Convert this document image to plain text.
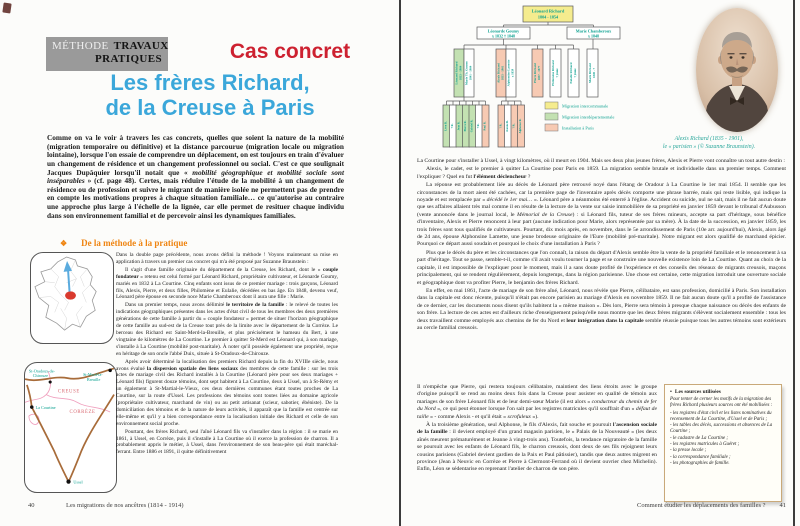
MÉTHODE TRAVAUX
PRATIQUES	Cas concret
Les frères Richard,
de la Creuse à Paris

Comme on va le voir à travers les cas concrets, quelles que soient la nature de la mobilité (migration temporaire ou définitive) et la distance parcourue (migration locale ou migration lointaine), lorsque l'on essaie de comprendre un déplacement, on est toujours en train d'évaluer un changement de résidence et un changement professionnel ou social. C'est ce que soulignait Jacques Dupâquier lorsqu'il notait que « mobilité géographique et mobilité sociale sont inséparables » (cf. page 48). Certes, mais réduire l'étude de la mobilité à un changement de résidence ou de profession et suivre le migrant de manière isolée ne permettent pas de prendre en compte les motivations propres à chaque situation familiale… ce qu'autorise au contraire une approche plus large à l'échelle de la lignée, car elle permet de resituer chaque individu dans son environnement familial et de percevoir ainsi les dynamiques familiales.

❖ De la méthode à la pratique
St-Oradoux-de-
Chirouze	St-Merd-la-
Breuille
CREUSE
La Courtine
CORRÈZE
Ussel

Dans la double page précédente, nous avons défini la méthode ! Voyons maintenant sa mise en application à travers un premier cas concret qui m'a été proposé par Suzanne Braunstein :

Il s'agit d'une famille originaire du département de la Creuse, les Richard, dont le « couple fondateur » retenu est celui formé par Léonard Richard, propriétaire cultivateur, et Léonarde Goumy, mariés en 1832 à La Courtine. Cinq enfants sont issus de ce premier mariage : trois garçons, Léonard fils, Alexis, Pierre, et deux filles, Philomène et Eulalie, décédées en bas âge. En 1848, devenu veuf, Léonard père épouse en seconde noce Marie Chamberoux dont il aura une fille : Marie.

Dans un premier temps, nous avons délimité le territoire de la famille : le relevé de toutes les indications géographiques présentes dans les actes d'état civil de tous les membres des deux premières générations de cette famille à partir du « couple fondateur » permet de situer l'horizon géographique de cette famille au sud-est de la Creuse tout près de la limite avec le département de la Corrèze. Le berceau des Richard est Saint-Merd-la-Breuille, et plus précisément le hameau du Bert, à une vingtaine de kilomètres de La Courtine. Le premier à quitter St-Merd est Léonard qui, à son mariage, s'installe à La Courtine (mobilité post-maritale). À noter qu'il possède également une propriété, reçue en héritage de son oncle l'abbé Duix, située à St-Oradoux-de-Chirouze.

Après avoir déterminé la localisation des premiers Richard depuis la fin du XVIIIe siècle, nous avons évalué la dispersion spatiale des liens sociaux des membres de cette famille : sur les trois actes de mariage civil des Richard installés à la Courtine (Léonard père pour ses deux mariages + Léonard fils) figurent douze témoins, dont sept habitent à La Courtine, deux à Ussel, un à St-Rémy et un également à St-Martial-le-Vieux, ces deux dernières communes étant toutes proches de La Courtine, sur la route d'Ussel. Les professions des témoins sont toutes liées au domaine agricole (propriétaire cultivateur, marchand de vin) ou au petit artisanat (scieur, sabotier, ébéniste). De la domiciliation des témoins et de la nature de leurs activités, il apparaît que la famille est centrée sur elle-même et qu'il y a bien correspondance entre la localisation initiale des Richard et celle de son environnement social proche.

Pourtant, des frères Richard, seul l'aîné Léonard fils va s'installer dans la région : il se marie en 1861, à Ussel, en Corrèze, puis il s'installe à La Courtine où il exerce la profession de charron. Il a probablement appris le métier, à Ussel, dans l'environnement de son beau-père qui était maréchal-ferrant. Entre 1886 et 1891, il quitte définitivement

40	Les migrations de nos ancêtres (1814 - 1914)
Léonard Richard
1804 - 1854
Léonarde Goumy
x 1832 † 1848
Marie Chamberoux
x 1848
Léonard Richard 1833 - 1904 Marie Th. Goumy 1841 - 1904	Alexis Richard 1835 - 1901 Alphonsine Lamette x 1859	Pierre Richard 1837 - 19??	Philomène Richard † jeune	Eulalie Richard † jeune	Marie Richard 1849 - ?
Léon R. ? R. Jean R. Pierre R. Gabriel R. ? R. Paul R.	? R. Jeanne R. ? R. Alphonse R.
Migration intercommunale
Migration interdépartementale
Installation à Paris
Alexis Richard (1835 - 1901),
le « parisien » (© Suzanne Braunstein).

La Courtine pour s'installer à Ussel, à vingt kilomètres, où il meurt en 1904. Mais ses deux plus jeunes frères, Alexis et Pierre vont connaître un tout autre destin :

Alexis, le cadet, est le premier à quitter La Courtine pour Paris en 1859. La migration semble brutale et individuelle dans un premier temps. Comment l'expliquer ? Quel en fut l'élément déclencheur ?

La réponse est probablement liée au décès de Léonard père retrouvé noyé dans l'étang de Oradour à La Courtine le 1er mai 1854. Il semble que les circonstances de la mort aient été cachées, car la première page de l'inventaire après décès comporte une phrase barrée, mais qui reste lisible, qui indique la noyade et est remplacée par « décédé le 1er mai… ». Léonard père a néanmoins été enterré à l'église. Accident ou suicide, nul ne sait, mais il ne fait aucun doute que ses affaires allaient très mal comme il en résulte de la lecture de la vente sur saisie immobilière de sa propriété en janvier 1859 devant le tribunal d'Aubusson (vente annoncée dans le journal local, le Mémorial de la Creuse) : si Léonard fils, tuteur de ses frères mineurs, accepte sa part d'héritage, sous bénéfice d'inventaire, Alexis et Pierre renoncent à leur part (aucune indication pour Marie, alors représentée par sa mère). À la date de la succession, en janvier 1859, les trois frères sont tous qualifiés de cultivateurs. Pourtant, dix mois après, en novembre, dans le 5e arrondissement de Paris (10e arr. aujourd'hui), Alexis, alors âgé de 24 ans, épouse Alphonsine Lamette, une jeune brodeuse originaire de l'Eure (mobilité pré-maritale). Notre migrant est alors qualifié de marchand épicier. Pourquoi ce départ aussi soudain et pourquoi le choix d'une installation à Paris ?

Plus que le décès du père et les circonstances que l'on connaît, la raison du départ d'Alexis semble être la vente de la propriété familiale et le renoncement à sa part d'héritage. Tout se passe, semble-t-il, comme s'il avait voulu tourner la page et se construire une nouvelle existence loin de La Courtine. Quant au choix de la capitale, il est impossible de l'expliquer pour le moment, mais il a sans doute profité de l'expérience et des conseils des réseaux de migrants creusois, maçons principalement, qui se rendent régulièrement, depuis longtemps, dans la région parisienne. Une chose est certaine, cette migration introduit une ouverture sociale et géographique dont va profiter Pierre, le benjamin des frères Richard.

En effet, en mai 1861, l'acte de mariage de son frère aîné, Léonard, nous révèle que Pierre, célibataire, est sans profession, domicilié à Paris. Son installation dans la capitale est donc récente, puisqu'il n'était pas encore parisien au mariage d'Alexis en novembre 1859. Il ne fait aucun doute qu'il a profité de l'assistance de ce dernier, car les documents nous disent qu'ils habitent la « même maison ». Dès lors, Pierre sera témoin à presque chaque naissance ou décès des enfants de son frère. La lecture de ces actes est d'ailleurs riche d'enseignement puisqu'elle nous montre que les deux frères migrants s'élèvent socialement ensemble : tous les deux travaillent comme employés aux chemins de fer du Nord et leur intégration dans la capitale semble réussie puisque tous les autres témoins sont extérieurs au cercle familial creusois.

Il n'empêche que Pierre, qui restera toujours célibataire, maintient des liens étroits avec le groupe d'origine puisqu'il se rend au moins deux fois dans la Creuse pour assister en qualité de témoin aux mariages de son frère Léonard fils et de leur demi-sœur Marie (il est alors « conducteur du chemin de fer du Nord », ce qui peut étonner lorsque l'on sait par les registres matricules qu'il souffrait d'un « défaut de taille » - comme Alexis - et qu'il était « scrofuleux »).

À la troisième génération, seul Alphonse, le fils d'Alexis, fait souche et poursuit l'ascension sociale de la famille : il devient employé d'un grand magasin parisien, le « Palais de la Nouveauté » (les deux aînés meurent prématurément et Jeanne à vingt-trois ans). Toutefois, la tendance migratoire de la famille se poursuit avec les enfants de Léonard fils, le charron creusois, dont deux de ses fils rejoignent leurs cousins parisiens (Gabriel devient gardien de la Paix et Paul pâtissier), tandis que deux autres migrent en province (Jean à Neuvic en Corrèze et Pierre à Clermont-Ferrand où il devient ouvrier chez Michelin). Enfin, Léon se sédentarise en reprenant l'atelier de charron de son père.

• Les sources utilisées

Pour tenter de cerner les motifs de la migration des frères Richard plusieurs sources ont été mobilisées :

- les registres d'état civil et les listes nominatives du recensement de La Courtine, d'Ussel et de Paris ;
- les tables des décès, successions et absences de La Courtine ;
- le cadastre de La Courtine ;
- les registres matricules à Guéret ;
- la presse locale ;
- la correspondance familiale ;
- les photographies de famille.
Comment étudier les déplacements des familles ? 41
